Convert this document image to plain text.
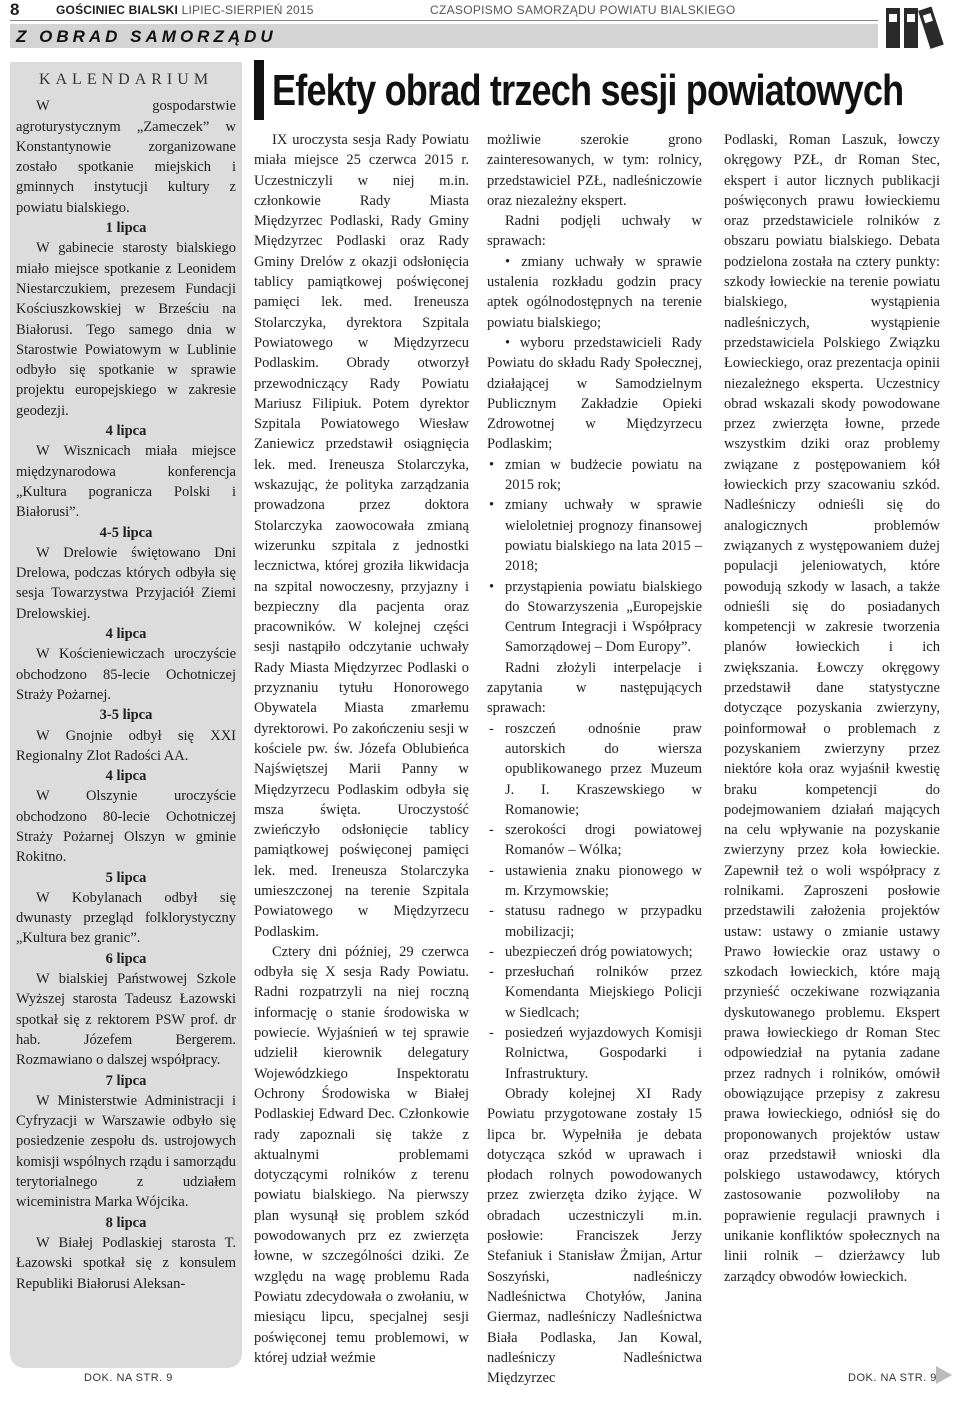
8	GOŚCINIEC BIALSKI LIPIEC-SIERPIEŃ 2015	CZASOPISMO SAMORZĄDU POWIATU BIALSKIEGO
Z OBRAD SAMORZĄDU
KALENDARIUM

W gospodarstwie agroturystycznym „Zameczek” w Konstantynowie zorganizowane zostało spotkanie miejskich i gminnych instytucji kultury z powiatu bialskiego.

1 lipca

W gabinecie starosty bialskiego miało miejsce spotkanie z Leonidem Niestarczukiem, prezesem Fundacji Kościuszkowskiej w Brześciu na Białorusi. Tego samego dnia w Starostwie Powiatowym w Lublinie odbyło się spotkanie w sprawie projektu europejskiego w zakresie geodezji.

4 lipca

W Wisznicach miała miejsce międzynarodowa konferencja „Kultura pogranicza Polski i Białorusi”.

4-5 lipca

W Drelowie świętowano Dni Drelowa, podczas których odbyła się sesja Towarzystwa Przyjaciół Ziemi Drelowskiej.

4 lipca

W Kościeniewiczach uroczyście obchodzono 85-lecie Ochotniczej Straży Pożarnej.

3-5 lipca

W Gnojnie odbył się XXI Regionalny Zlot Radości AA.

4 lipca

W Olszynie uroczyście obchodzono 80-lecie Ochotniczej Straży Pożarnej Olszyn w gminie Rokitno.

5 lipca

W Kobylanach odbył się dwunasty przegląd folklorystyczny „Kultura bez granic”.

6 lipca

W bialskiej Państwowej Szkole Wyższej starosta Tadeusz Łazowski spotkał się z rektorem PSW prof. dr hab. Józefem Bergerem. Rozmawiano o dalszej współpracy.

7 lipca

W Ministerstwie Administracji i Cyfryzacji w Warszawie odbyło się posiedzenie zespołu ds. ustrojowych komisji wspólnych rządu i samorządu terytorialnego z udziałem wiceministra Marka Wójcika.

8 lipca

W Białej Podlaskiej starosta T. Łazowski spotkał się z konsulem Republiki Białorusi Aleksan-

DOK. NA STR. 9
Efekty obrad trzech sesji powiatowych

IX uroczysta sesja Rady Powiatu miała miejsce 25 czerwca 2015 r. Uczestniczyli w niej m.in. członkowie Rady Miasta Międzyrzec Podlaski, Rady Gminy Międzyrzec Podlaski oraz Rady Gminy Drelów z okazji odsłonięcia tablicy pamiątkowej poświęconej pamięci lek. med. Ireneusza Stolarczyka, dyrektora Szpitala Powiatowego w Międzyrzecu Podlaskim. Obrady otworzył przewodniczący Rady Powiatu Mariusz Filipiuk. Potem dyrektor Szpitala Powiatowego Wiesław Zaniewicz przedstawił osiągnięcia lek. med. Ireneusza Stolarczyka, wskazując, że polityka zarządzania prowadzona przez doktora Stolarczyka zaowocowała zmianą wizerunku szpitala z jednostki lecznictwa, której groziła likwidacja na szpital nowoczesny, przyjazny i bezpieczny dla pacjenta oraz pracowników. W kolejnej części sesji nastąpiło odczytanie uchwały Rady Miasta Międzyrzec Podlaski o przyznaniu tytułu Honorowego Obywatela Miasta zmarłemu dyrektorowi. Po zakończeniu sesji w kościele pw. św. Józefa Oblubieńca Najświętszej Marii Panny w Międzyrzecu Podlaskim odbyła się msza święta. Uroczystość zwieńczyło odsłonięcie tablicy pamiątkowej poświęconej pamięci lek. med. Ireneusza Stolarczyka umieszczonej na terenie Szpitala Powiatowego w Międzyrzecu Podlaskim.

Cztery dni później, 29 czerwca odbyła się X sesja Rady Powiatu. Radni rozpatrzyli na niej roczną informację o stanie środowiska w powiecie. Wyjaśnień w tej sprawie udzielił kierownik delegatury Wojewódzkiego Inspektoratu Ochrony Środowiska w Białej Podlaskiej Edward Dec. Członkowie rady zapoznali się także z aktualnymi problemami dotyczącymi rolników z terenu powiatu bialskiego. Na pierwszy plan wysunął się problem szkód powodowanych prz ez zwierzęta łowne, w szczególności dziki. Ze względu na wagę problemu Rada Powiatu zdecydowała o zwołaniu, w miesiącu lipcu, specjalnej sesji poświęconej temu problemowi, w której udział weźmie

możliwie szerokie grono zainteresowanych, w tym: rolnicy, przedstawiciel PZŁ, nadleśniczowie oraz niezależny ekspert.

Radni podjęli uchwały w sprawach:

• zmiany uchwały w sprawie ustalenia rozkładu godzin pracy aptek ogólnodostępnych na terenie powiatu bialskiego;

• wyboru przedstawicieli Rady Powiatu do składu Rady Społecznej, działającej w Samodzielnym Publicznym Zakładzie Opieki Zdrowotnej w Międzyrzecu Podlaskim;

• zmian w budżecie powiatu na 2015 rok;
• zmiany uchwały w sprawie wieloletniej prognozy finansowej powiatu bialskiego na lata 2015 – 2018;
• przystąpienia powiatu bialskiego do Stowarzyszenia „Europejskie Centrum Integracji i Współpracy Samorządowej – Dom Europy”.

Radni złożyli interpelacje i zapytania w następujących sprawach:

- roszczeń odnośnie praw autorskich do wiersza opublikowanego przez Muzeum J. I. Kraszewskiego w Romanowie;
- szerokości drogi powiatowej Romanów – Wólka;
- ustawienia znaku pionowego w m. Krzymowskie;
- statusu radnego w przypadku mobilizacji;
- ubezpieczeń dróg powiatowych;
- przesłuchań rolników przez Komendanta Miejskiego Policji w Siedlcach;
- posiedzeń wyjazdowych Komisji Rolnictwa, Gospodarki i Infrastruktury.

Obrady kolejnej XI Rady Powiatu przygotowane zostały 15 lipca br. Wypełniła je debata dotycząca szkód w uprawach i płodach rolnych powodowanych przez zwierzęta dziko żyjące. W obradach uczestniczyli m.in. posłowie: Franciszek Jerzy Stefaniuk i Stanisław Żmijan, Artur Soszyński, nadleśniczy Nadleśnictwa Chotyłów, Janina Giermaz, nadleśniczy Nadleśnictwa Biała Podlaska, Jan Kowal, nadleśniczy Nadleśnictwa Międzyrzec

Podlaski, Roman Laszuk, łowczy okręgowy PZŁ, dr Roman Stec, ekspert i autor licznych publikacji poświęconych prawu łowieckiemu oraz przedstawiciele rolników z obszaru powiatu bialskiego. Debata podzielona została na cztery punkty: szkody łowieckie na terenie powiatu bialskiego, wystąpienia nadleśniczych, wystąpienie przedstawiciela Polskiego Związku Łowieckiego, oraz prezentacja opinii niezależnego eksperta. Uczestnicy obrad wskazali skody powodowane przez zwierzęta łowne, przede wszystkim dziki oraz problemy związane z postępowaniem kół łowieckich przy szacowaniu szkód. Nadleśniczy odnieśli się do analogicznych problemów związanych z występowaniem dużej populacji jeleniowatych, które powodują szkody w lasach, a także odnieśli się do posiadanych kompetencji w zakresie tworzenia planów łowieckich i ich zwiększania. Łowczy okręgowy przedstawił dane statystyczne dotyczące pozyskania zwierzyny, poinformował o problemach z pozyskaniem zwierzyny przez niektóre koła oraz wyjaśnił kwestię braku kompetencji do podejmowaniem działań mających na celu wpływanie na pozyskanie zwierzyny przez koła łowieckie. Zapewnił też o woli współpracy z rolnikami. Zaproszeni posłowie przedstawili założenia projektów ustaw: ustawy o zmianie ustawy Prawo łowieckie oraz ustawy o szkodach łowieckich, które mają przynieść oczekiwane rozwiązania dyskutowanego problemu. Ekspert prawa łowieckiego dr Roman Stec odpowiedział na pytania zadane przez radnych i rolników, omówił obowiązujące przepisy z zakresu prawa łowieckiego, odniósł się do proponowanych projektów ustaw oraz przedstawił wnioski dla polskiego ustawodawcy, których zastosowanie pozwoliłoby na poprawienie regulacji prawnych i unikanie konfliktów społecznych na linii rolnik – dzierżawcy lub zarządcy obwodów łowieckich.

DOK. NA STR. 9
